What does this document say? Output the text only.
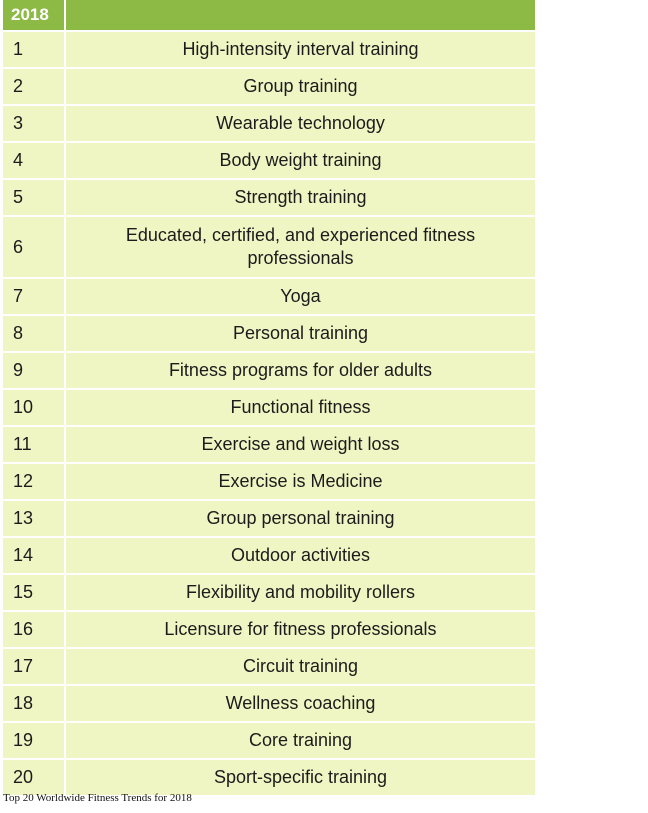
2018	
1	High-intensity interval training
2	Group training
3	Wearable technology
4	Body weight training
5	Strength training
6	Educated, certified, and experienced fitness professionals
7	Yoga
8	Personal training
9	Fitness programs for older adults
10	Functional fitness
11	Exercise and weight loss
12	Exercise is Medicine
13	Group personal training
14	Outdoor activities
15	Flexibility and mobility rollers
16	Licensure for fitness professionals
17	Circuit training
18	Wellness coaching
19	Core training
20	Sport-specific training
Top 20 Worldwide Fitness Trends for 2018
